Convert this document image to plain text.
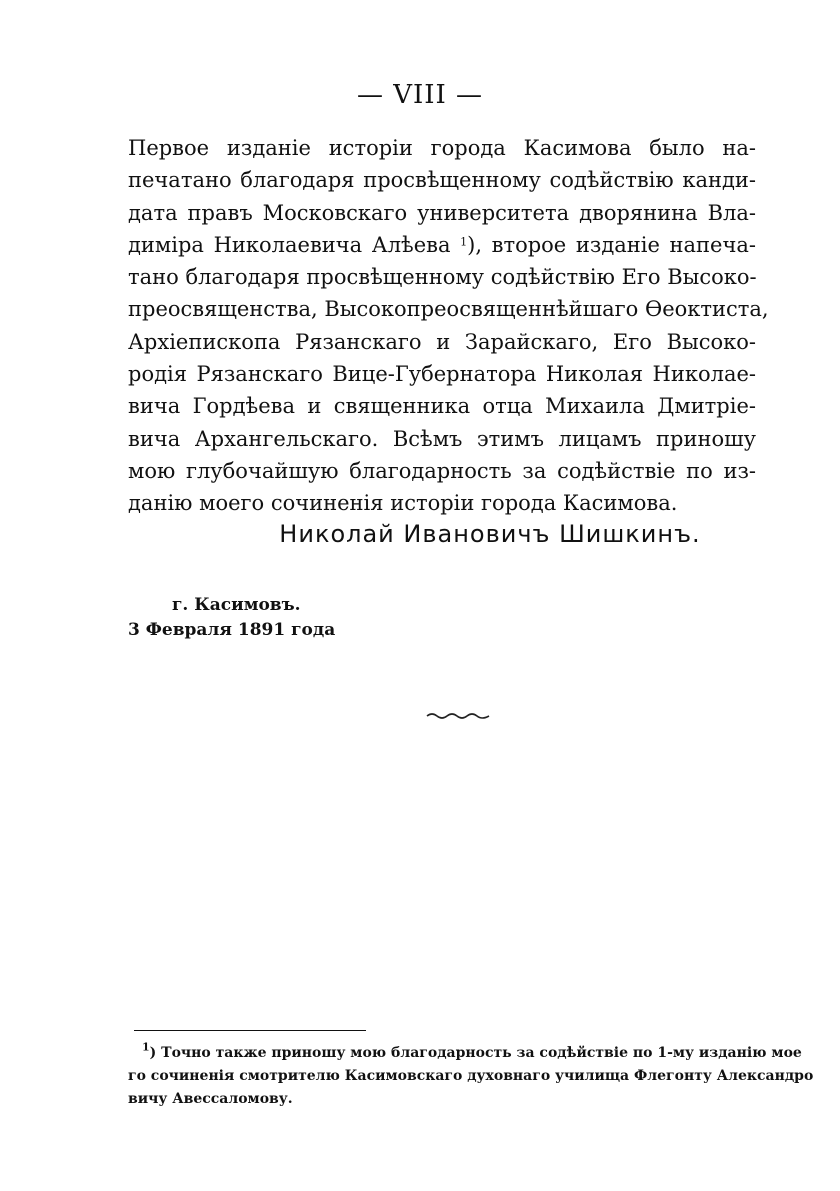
— VIII —
Первое изданіе исторіи города Касимова было на-
печатано благодаря просвѣщенному содѣйствію канди-
дата правъ Московскаго университета дворянина Вла-
диміра Николаевича Алѣева $^1$), второе изданіе напеча-
тано благодаря просвѣщенному содѣйствію Его Высоко-
преосвященства, Высокопреосвященнѣйшаго Ѳеоктиста,
Архіепископа Рязанскаго и Зарайскаго, Его Высоко-
родія Рязанскаго Вице-Губернатора Николая Николае-
вича Гордѣева и священника отца Михаила Дмитріе-
вича Архангельскаго. Всѣмъ этимъ лицамъ приношу
мою глубочайшую благодарность за содѣйствіе по из-
данію моего сочиненія исторіи города Касимова.
Николай Ивановичъ Шишкинъ.
г. Касимовъ.
3 Февраля 1891 года
$^1$) Точно также приношу мою благодарность за содѣйствіе по 1-му изданію мое
го сочиненія смотрителю Касимовскаго духовнаго училища Флегонту Александро
вичу Авессаломову.
